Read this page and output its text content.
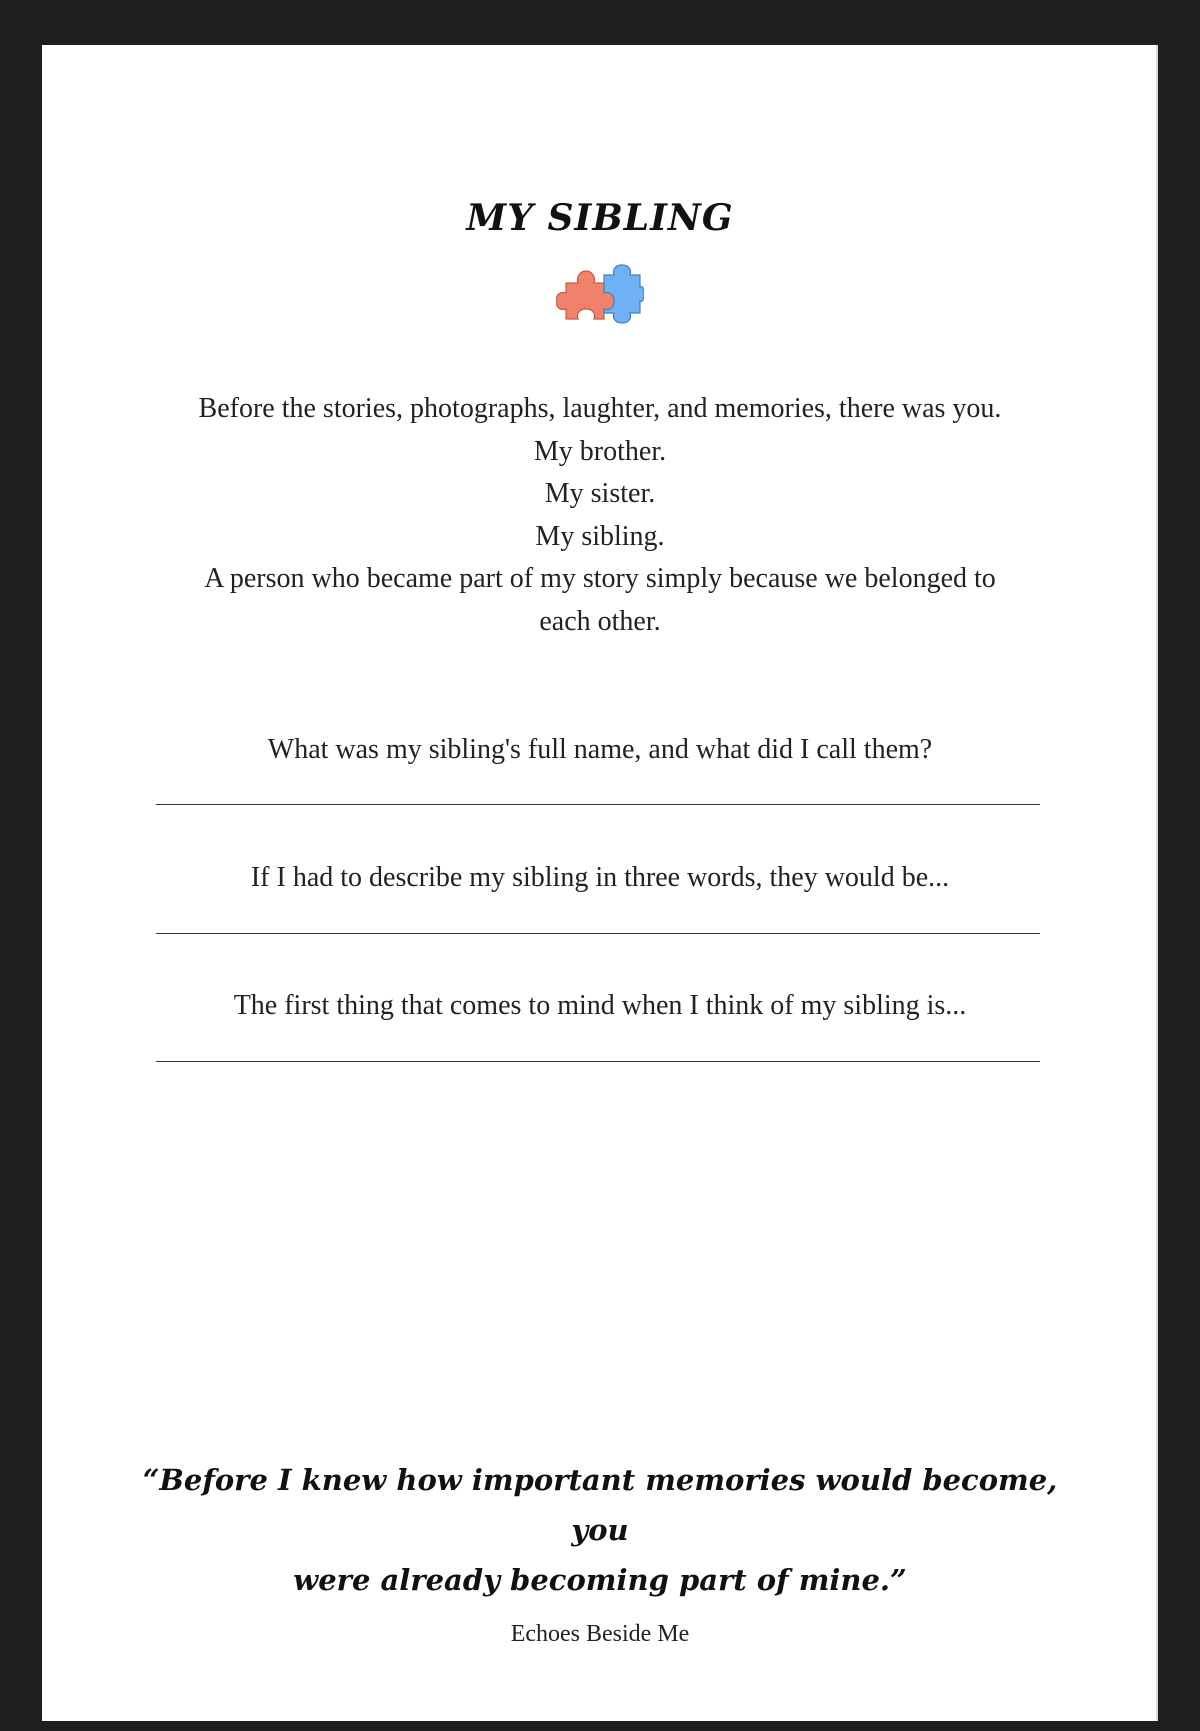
MY SIBLING
Before the stories, photographs, laughter, and memories, there was you.
My brother.
My sister.
My sibling.
A person who became part of my story simply because we belonged to
each other.
What was my sibling's full name, and what did I call them?
If I had to describe my sibling in three words, they would be...
The first thing that comes to mind when I think of my sibling is...
“Before I knew how important memories would become, you
were already becoming part of mine.”
Echoes Beside Me
